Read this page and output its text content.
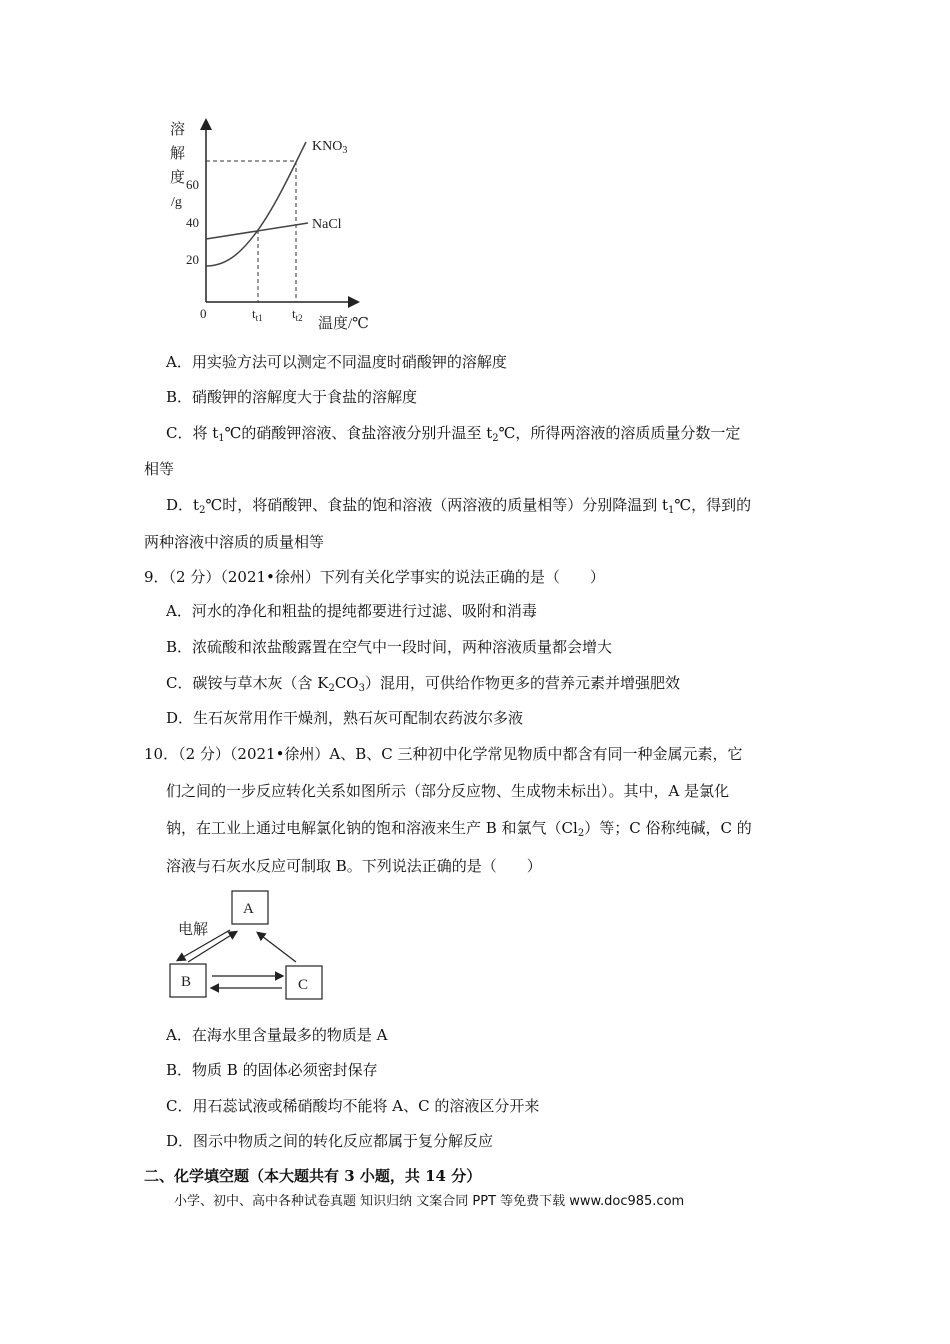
溶
解
度
/g
20
40
60
0	$t_{t1}$ $t_{t2}$ 温度/℃
$KNO_3$
NaCl
A．用实验方法可以测定不同温度时硝酸钾的溶解度
B．硝酸钾的溶解度大于食盐的溶解度
C．将 $t_1℃$的硝酸钾溶液、食盐溶液分别升温至 $t_2℃$，所得两溶液的溶质质量分数一定
相等
D．$t_2℃$时，将硝酸钾、食盐的饱和溶液（两溶液的质量相等）分别降温到 $t_1℃$，得到的
两种溶液中溶质的质量相等
9．（2 分）（2021•徐州）下列有关化学事实的说法正确的是（　　）
A．河水的净化和粗盐的提纯都要进行过滤、吸附和消毒
B．浓硫酸和浓盐酸露置在空气中一段时间，两种溶液质量都会增大
C．碳铵与草木灰（含 $K_2CO_3$）混用，可供给作物更多的营养元素并增强肥效
D．生石灰常用作干燥剂，熟石灰可配制农药波尔多液
10．（2 分）（2021•徐州）A、B、C 三种初中化学常见物质中都含有同一种金属元素，它
们之间的一步反应转化关系如图所示（部分反应物、生成物未标出）。其中，A 是氯化
钠，在工业上通过电解氯化钠的饱和溶液来生产 B 和氯气$(Cl_2)$等；C 俗称纯碱，C 的
溶液与石灰水反应可制取 B。下列说法正确的是（　　）
A
B	C
电解
A．在海水里含量最多的物质是 A
B．物质 B 的固体必须密封保存
C．用石蕊试液或稀硝酸均不能将 A、C 的溶液区分开来
D．图示中物质之间的转化反应都属于复分解反应
二、化学填空题（本大题共有 3 小题，共 14 分）
小学、初中、高中各种试卷真题 知识归纳 文案合同 PPT 等免费下载 www.doc985.com
